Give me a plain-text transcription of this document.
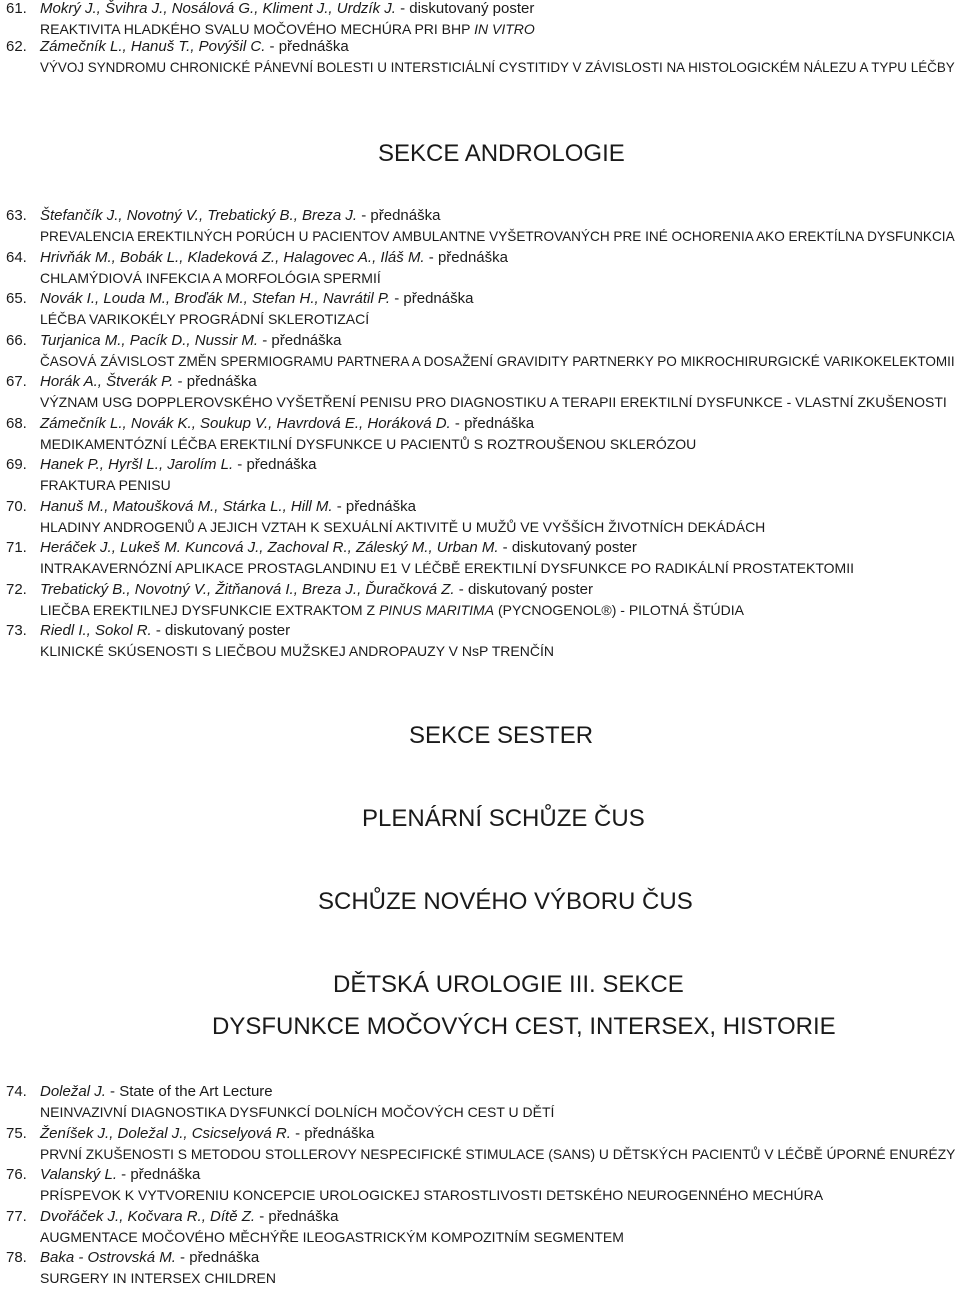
SEKCE ANDROLOGIE
SEKCE SESTER
PLENÁRNÍ SCHŮZE ČUS
SCHŮZE NOVÉHO VÝBORU ČUS
DĚTSKÁ UROLOGIE III. SEKCE
DYSFUNKCE MOČOVÝCH CEST, INTERSEX, HISTORIE
61. Mokrý J., Švihra J., Nosálová G., Kliment J., Urdzík J. - diskutovaný poster
REAKTIVITA HLADKÉHO SVALU MOČOVÉHO MECHÚRA PRI BHP IN VITRO
62. Zámečník L., Hanuš T., Povýšil C. - přednáška
VÝVOJ SYNDROMU CHRONICKÉ PÁNEVNÍ BOLESTI U INTERSTICIÁLNÍ CYSTITIDY V ZÁVISLOSTI NA HISTOLOGICKÉM NÁLEZU A TYPU LÉČBY
63. Štefančík J., Novotný V., Trebatický B., Breza J. - přednáška
PREVALENCIA EREKTILNÝCH PORÚCH U PACIENTOV AMBULANTNE VYŠETROVANÝCH PRE INÉ OCHORENIA AKO EREKTÍLNA DYSFUNKCIA
64. Hrivňák M., Bobák L., Kladeková Z., Halagovec A., Iláš M. - přednáška
CHLAMÝDIOVÁ INFEKCIA A MORFOLÓGIA SPERMIÍ
65. Novák I., Louda M., Broďák M., Stefan H., Navrátil P. - přednáška
LÉČBA VARIKOKÉLY PROGRÁDNÍ SKLEROTIZACÍ
66. Turjanica M., Pacík D., Nussir M. - přednáška
ČASOVÁ ZÁVISLOST ZMĚN SPERMIOGRAMU PARTNERA A DOSAŽENÍ GRAVIDITY PARTNERKY PO MIKROCHIRURGICKÉ VARIKOKELEKTOMII
67. Horák A., Štverák P. - přednáška
VÝZNAM USG DOPPLEROVSKÉHO VYŠETŘENÍ PENISU PRO DIAGNOSTIKU A TERAPII EREKTILNÍ DYSFUNKCE - VLASTNÍ ZKUŠENOSTI
68. Zámečník L., Novák K., Soukup V., Havrdová E., Horáková D. - přednáška
MEDIKAMENTÓZNÍ LÉČBA EREKTILNÍ DYSFUNKCE U PACIENTŮ S ROZTROUŠENOU SKLERÓZOU
69. Hanek P., Hyršl L., Jarolím L. - přednáška
FRAKTURA PENISU
70. Hanuš M., Matoušková M., Stárka L., Hill M. - přednáška
HLADINY ANDROGENŮ A JEJICH VZTAH K SEXUÁLNÍ AKTIVITĚ U MUŽŮ VE VYŠŠÍCH ŽIVOTNÍCH DEKÁDÁCH
71. Heráček J., Lukeš M. Kuncová J., Zachoval R., Záleský M., Urban M. - diskutovaný poster
INTRAKAVERNÓZNÍ APLIKACE PROSTAGLANDINU E1 V LÉČBĚ EREKTILNÍ DYSFUNKCE PO RADIKÁLNÍ PROSTATEKTOMII
72. Trebatický B., Novotný V., Žitňanová I., Breza J., Ďuračková Z. - diskutovaný poster
LIEČBA EREKTILNEJ DYSFUNKCIE EXTRAKTOM Z PINUS MARITIMA (PYCNOGENOL®) - PILOTNÁ ŠTÚDIA
73. Riedl I., Sokol R. - diskutovaný poster
KLINICKÉ SKÚSENOSTI S LIEČBOU MUŽSKEJ ANDROPAUZY V NsP TRENČÍN
74. Doležal J. - State of the Art Lecture
NEINVAZIVNÍ DIAGNOSTIKA DYSFUNKCÍ DOLNÍCH MOČOVÝCH CEST U DĚTÍ
75. Ženíšek J., Doležal J., Csicselyová R. - přednáška
PRVNÍ ZKUŠENOSTI S METODOU STOLLEROVY NESPECIFICKÉ STIMULACE (SANS) U DĚTSKÝCH PACIENTŮ V LÉČBĚ ÚPORNÉ ENURÉZY
76. Valanský L. - přednáška
PRÍSPEVOK K VYTVORENIU KONCEPCIE UROLOGICKEJ STAROSTLIVOSTI DETSKÉHO NEUROGENNÉHO MECHÚRA
77. Dvořáček J., Kočvara R., Dítě Z. - přednáška
AUGMENTACE MOČOVÉHO MĚCHÝŘE ILEOGASTRICKÝM KOMPOZITNÍM SEGMENTEM
78. Baka - Ostrovská M. - přednáška
SURGERY IN INTERSEX CHILDREN
